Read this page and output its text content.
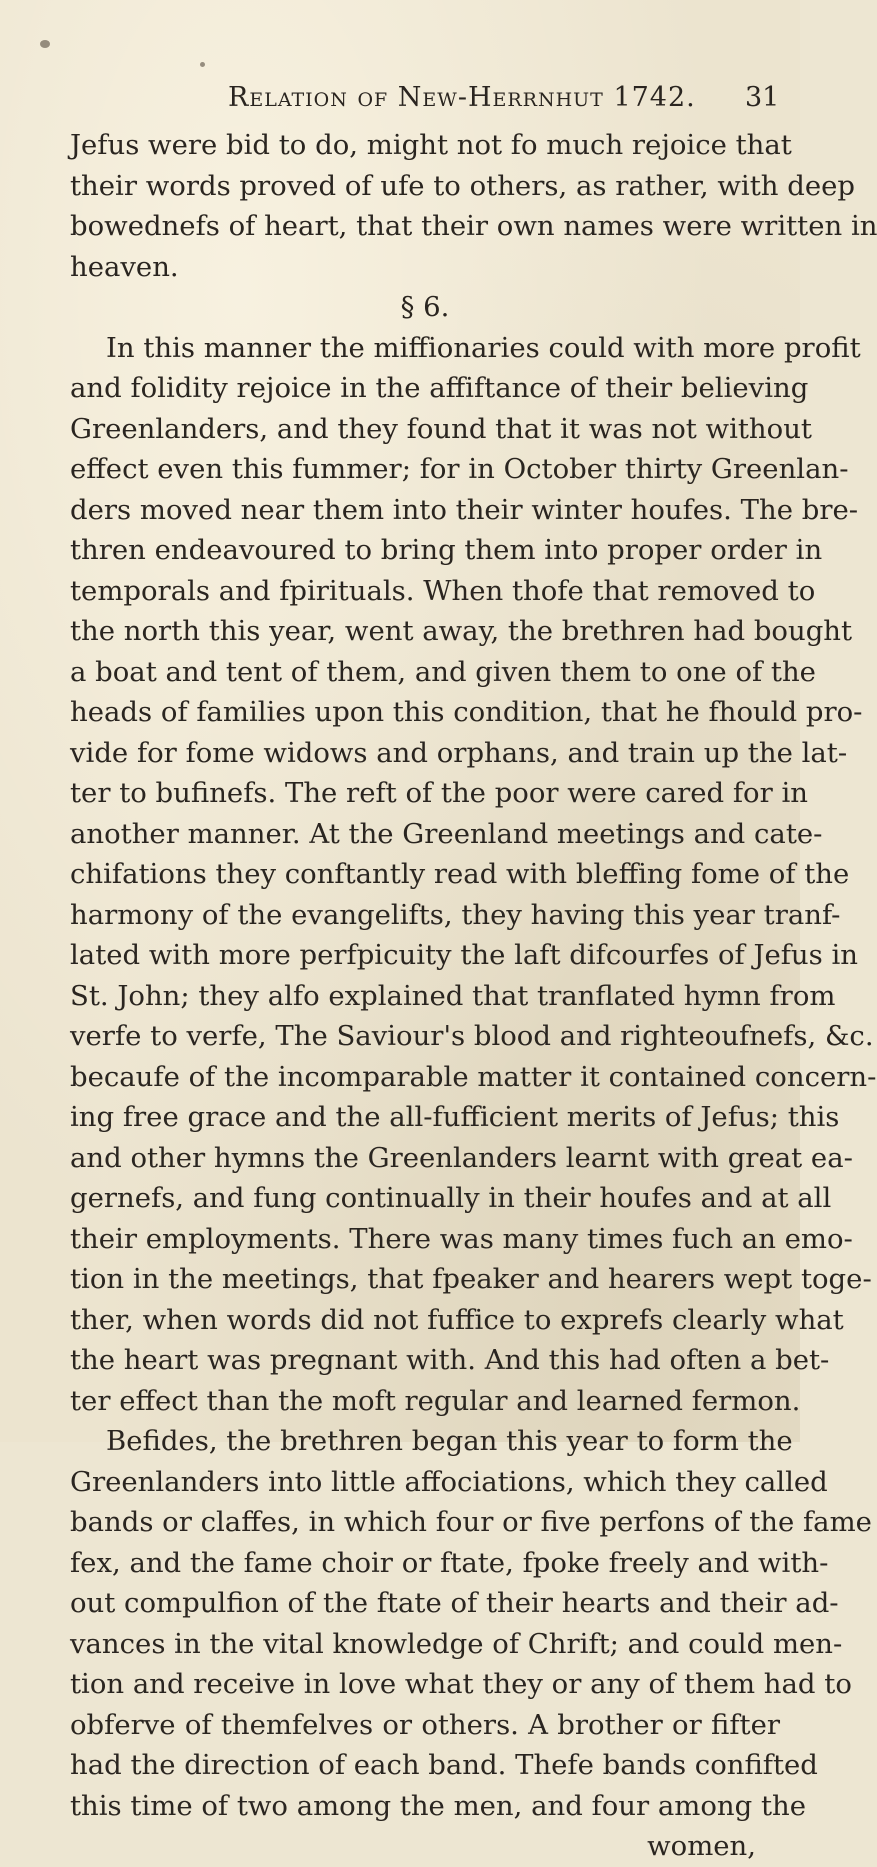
Relation of New-Herrnhut 1742. 31
Jefus were bid to do, might not fo much rejoice that
their words proved of ufe to others, as rather, with deep
bowednefs of heart, that their own names were written in
heaven.
§ 6.
In this manner the miffionaries could with more profit
and folidity rejoice in the affiftance of their believing
Greenlanders, and they found that it was not without
effect even this fummer; for in October thirty Greenlan-
ders moved near them into their winter houfes. The bre-
thren endeavoured to bring them into proper order in
temporals and fpirituals. When thofe that removed to
the north this year, went away, the brethren had bought
a boat and tent of them, and given them to one of the
heads of families upon this condition, that he fhould pro-
vide for fome widows and orphans, and train up the lat-
ter to bufinefs. The reft of the poor were cared for in
another manner. At the Greenland meetings and cate-
chifations they conftantly read with bleffing fome of the
harmony of the evangelifts, they having this year tranf-
lated with more perfpicuity the laft difcourfes of Jefus in
St. John; they alfo explained that tranflated hymn from
verfe to verfe, The Saviour's blood and righteoufnefs, &c.
becaufe of the incomparable matter it contained concern-
ing free grace and the all-fufficient merits of Jefus; this
and other hymns the Greenlanders learnt with great ea-
gernefs, and fung continually in their houfes and at all
their employments. There was many times fuch an emo-
tion in the meetings, that fpeaker and hearers wept toge-
ther, when words did not fuffice to exprefs clearly what
the heart was pregnant with. And this had often a bet-
ter effect than the moft regular and learned fermon.
Befides, the brethren began this year to form the
Greenlanders into little affociations, which they called
bands or claffes, in which four or five perfons of the fame
fex, and the fame choir or ftate, fpoke freely and with-
out compulfion of the ftate of their hearts and their ad-
vances in the vital knowledge of Chrift; and could men-
tion and receive in love what they or any of them had to
obferve of themfelves or others. A brother or fifter
had the direction of each band. Thefe bands confifted
this time of two among the men, and four among the
women,
